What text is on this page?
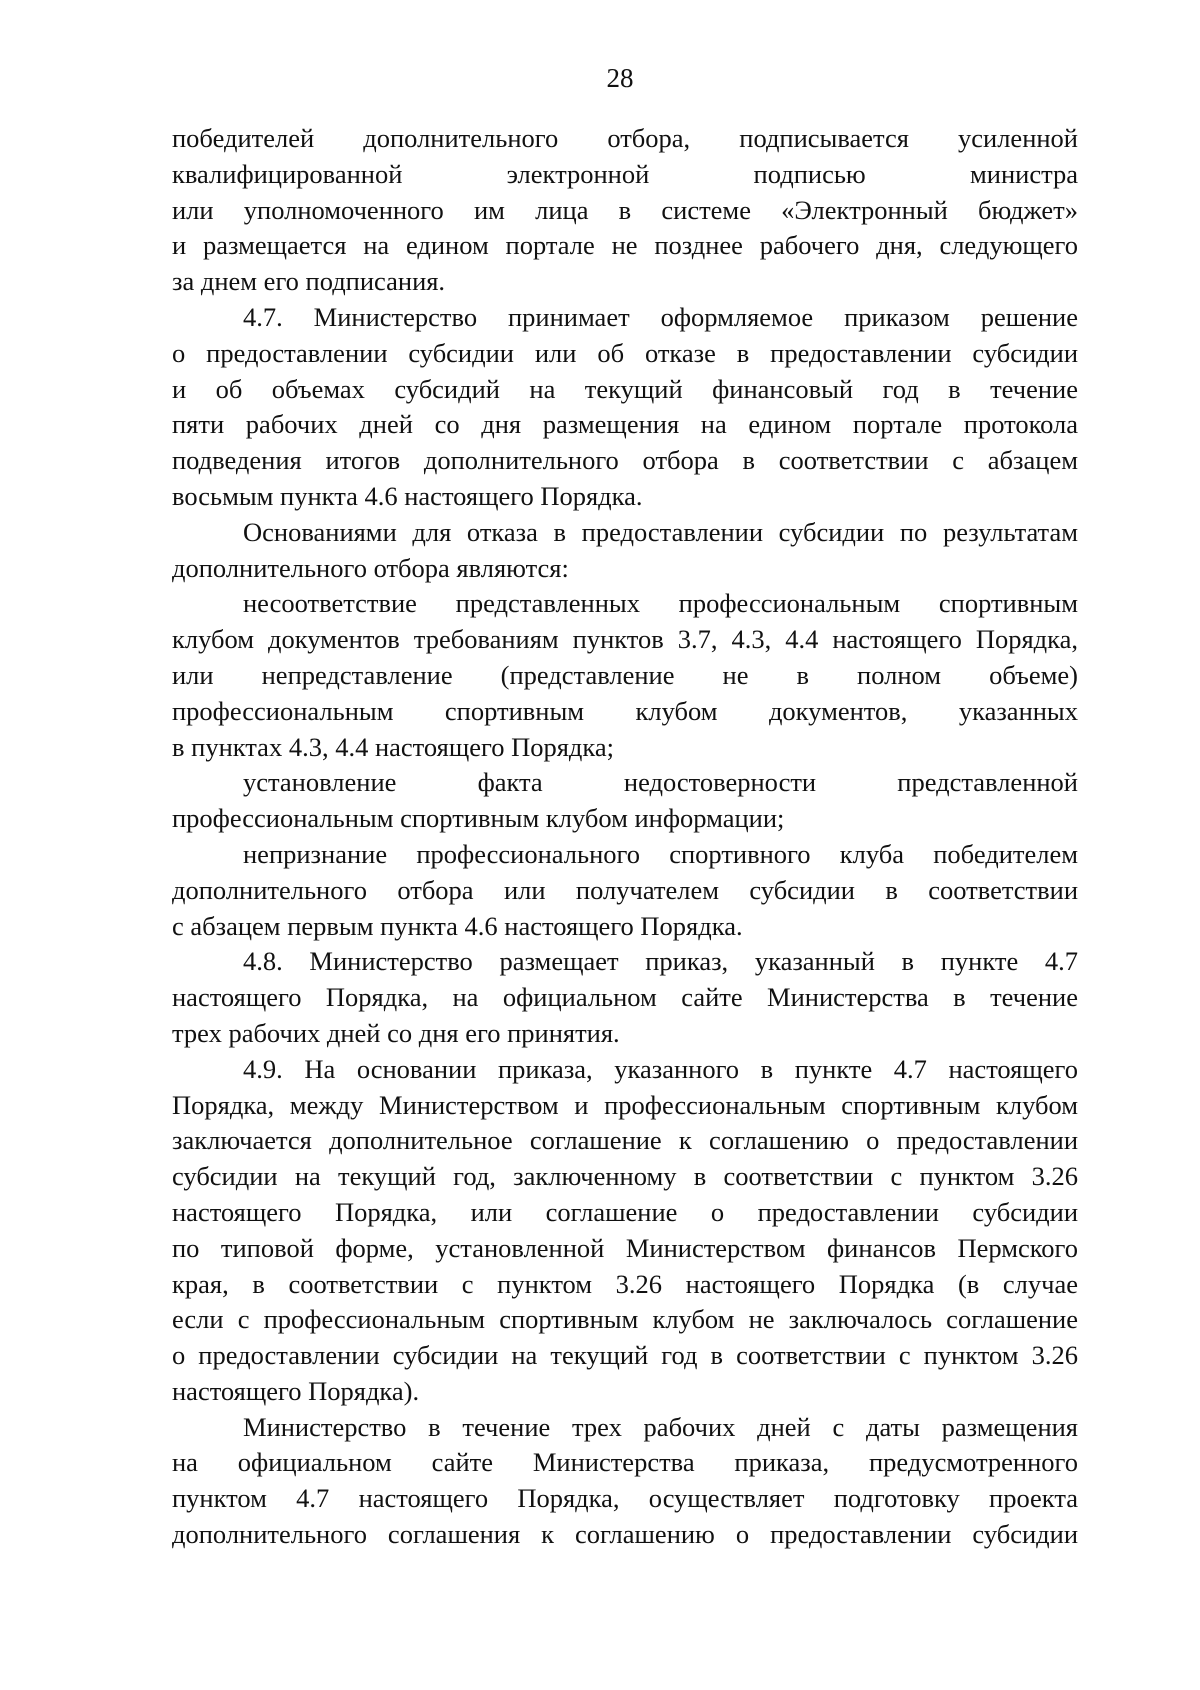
28
победителей дополнительного отбора, подписывается усиленной
квалифицированной электронной подписью министра
или уполномоченного им лица в системе «Электронный бюджет»
и размещается на едином портале не позднее рабочего дня, следующего
за днем его подписания.
4.7. Министерство принимает оформляемое приказом решение
о предоставлении субсидии или об отказе в предоставлении субсидии
и об объемах субсидий на текущий финансовый год в течение
пяти рабочих дней со дня размещения на едином портале протокола
подведения итогов дополнительного отбора в соответствии с абзацем
восьмым пункта 4.6 настоящего Порядка.
Основаниями для отказа в предоставлении субсидии по результатам
дополнительного отбора являются:
несоответствие представленных профессиональным спортивным
клубом документов требованиям пунктов 3.7, 4.3, 4.4 настоящего Порядка,
или непредставление (представление не в полном объеме)
профессиональным спортивным клубом документов, указанных
в пунктах 4.3, 4.4 настоящего Порядка;
установление факта недостоверности представленной
профессиональным спортивным клубом информации;
непризнание профессионального спортивного клуба победителем
дополнительного отбора или получателем субсидии в соответствии
с абзацем первым пункта 4.6 настоящего Порядка.
4.8. Министерство размещает приказ, указанный в пункте 4.7
настоящего Порядка, на официальном сайте Министерства в течение
трех рабочих дней со дня его принятия.
4.9. На основании приказа, указанного в пункте 4.7 настоящего
Порядка, между Министерством и профессиональным спортивным клубом
заключается дополнительное соглашение к соглашению о предоставлении
субсидии на текущий год, заключенному в соответствии с пунктом 3.26
настоящего Порядка, или соглашение о предоставлении субсидии
по типовой форме, установленной Министерством финансов Пермского
края, в соответствии с пунктом 3.26 настоящего Порядка (в случае
если с профессиональным спортивным клубом не заключалось соглашение
о предоставлении субсидии на текущий год в соответствии с пунктом 3.26
настоящего Порядка).
Министерство в течение трех рабочих дней с даты размещения
на официальном сайте Министерства приказа, предусмотренного
пунктом 4.7 настоящего Порядка, осуществляет подготовку проекта
дополнительного соглашения к соглашению о предоставлении субсидии
